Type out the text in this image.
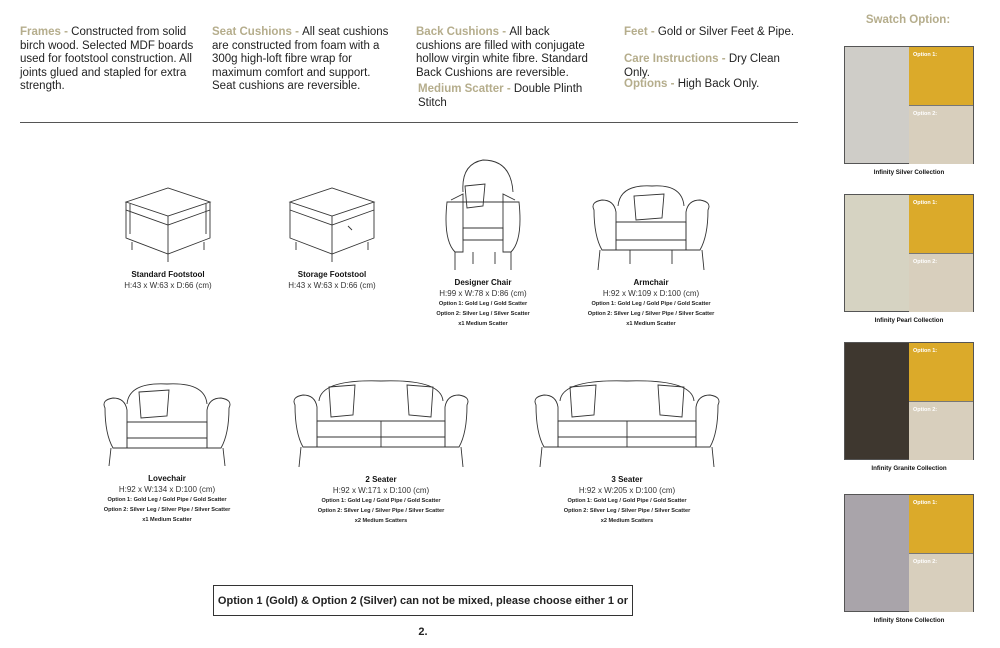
Frames - Constructed from solid birch wood. Selected MDF boards used for footstool construction. All joints glued and stapled for extra strength.
Seat Cushions - All seat cushions are constructed from foam with a 300g high-loft fibre wrap for maximum comfort and support. Seat cushions are reversible.
Back Cushions - All back cushions are filled with conjugate hollow virgin white fibre. Standard Back Cushions are reversible.
Medium Scatter - Double Plinth Stitch
Feet - Gold or Silver Feet & Pipe.
Care Instructions - Dry Clean Only.
Options - High Back Only.
Standard Footstool
H:43 x W:63 x D:66 (cm)
Storage Footstool
H:43 x W:63 x D:66 (cm)	Designer Chair
H:99 x W:78 x D:86 (cm)
Option 1: Gold Leg / Gold Scatter
Option 2: Silver Leg / Silver Scatter
x1 Medium Scatter
Armchair
H:92 x W:109 x D:100 (cm)
Option 1: Gold Leg / Gold Pipe / Gold Scatter
Option 2: Silver Leg / Silver Pipe / Silver Scatter
x1 Medium Scatter
Lovechair
H:92 x W:134 x D:100 (cm)
Option 1: Gold Leg / Gold Pipe / Gold Scatter
Option 2: Silver Leg / Silver Pipe / Silver Scatter
x1 Medium Scatter
2 Seater
H:92 x W:171 x D:100 (cm)
Option 1: Gold Leg / Gold Pipe / Gold Scatter
Option 2: Silver Leg / Silver Pipe / Silver Scatter
x2 Medium Scatters
3 Seater
H:92 x W:205 x D:100 (cm)
Option 1: Gold Leg / Gold Pipe / Gold Scatter
Option 2: Silver Leg / Silver Pipe / Silver Scatter
x2 Medium Scatters
Option 1 (Gold) & Option 2 (Silver) can not be mixed, please choose either 1 or 2.
Swatch Option:
Option 1:
Option 2:
Infinity Silver Collection
Option 1:
Option 2:
Infinity Pearl Collection
Option 1:
Option 2:
Infinity Granite Collection
Option 1:
Option 2:
Infinity Stone Collection
